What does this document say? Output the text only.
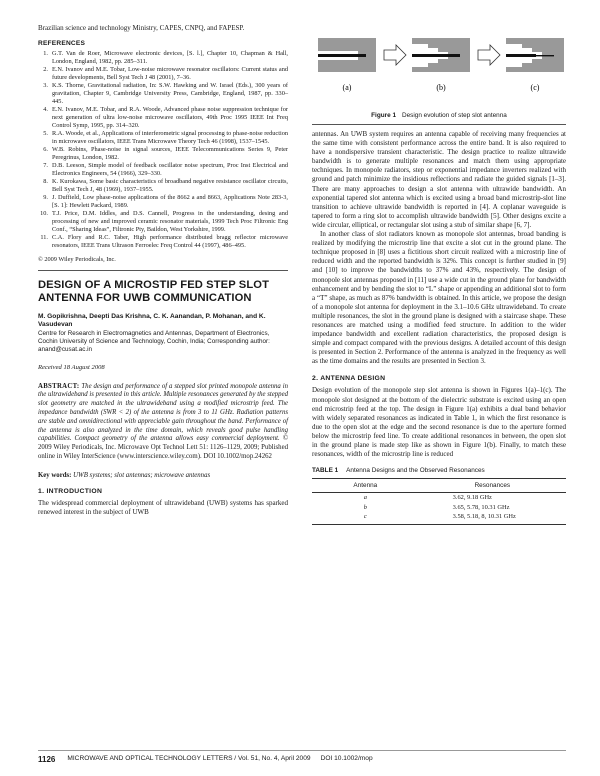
Brazilian science and technology Ministry, CAPES, CNPQ, and FAPESP.

REFERENCES
1. G.T. Van de Roer, Microwave electronic devices, [S. l.], Chapter 10, Chapman & Hall, London, England, 1982, pp. 285–311.
2. E.N. Ivanov and M.E. Tobar, Low-noise microwave resonator oscillators: Current status and future developments, Bell Syst Tech J 48 (2001), 7–36.
3. K.S. Thorne, Gravitational radiation, In: S.W. Hawking and W. Israel (Eds.), 300 years of gravitation, Chapter 9, Cambridge University Press, Cambridge, England, 1987, pp. 330–445.
4. E.N. Ivanov, M.E. Tobar, and R.A. Woode, Advanced phase noise suppression technique for next generation of ultra low-noise microwave oscillators, 49th Proc 1995 IEEE Int Freq Control Symp, 1995, pp. 314–320.
5. R.A. Woode, et al., Applications of interferometric signal processing to phase-noise reduction in microwave oscillators, IEEE Trans Microwave Theory Tech 46 (1998), 1537–1545.
6. W.B. Robins, Phase-noise in signal sources, IEEE Telecommunications Series 9, Peter Peregrinus, London, 1982.
7. D.B. Leeson, Simple model of feedback oscillator noise spectrum, Proc Inst Electrical and Electronics Engineers, 54 (1966), 329–330.
8. K. Kurokawa, Some basic characteristics of broadband negative resistance oscillator circuits, Bell Syst Tech J, 48 (1969), 1937–1955.
9. J. Duffield, Low phase-noise applications of the 8662 a and 8663, Applications Note 283-3, [S. 1]: Hewlett Packard, 1989.
10. T.J. Price, D.M. Iddles, and D.S. Cannell, Progress in the understanding, desing and processing of new and improved ceramic resonator materials, 1999 Tech Proc Filtronic Eng Conf., “Sharing Ideas”, Filtronic Pty, Baildon, West Yorkshire, 1999.
11. C.A. Flory and R.C. Taber, High performance distributed bragg reflector microwave resonators, IEEE Trans Ultrason Ferroelec Freq Control 44 (1997), 486–495.

© 2009 Wiley Periodicals, Inc.

DESIGN OF A MICROSTIP FED STEP SLOT ANTENNA FOR UWB COMMUNICATION
M. Gopikrishna, Deepti Das Krishna, C. K. Aanandan, P. Mohanan, and K. Vasudevan
Centre for Research in Electromagnetics and Antennas, Department of Electronics, Cochin University of Science and Technology, Cochin, India; Corresponding author: anand@cusat.ac.in
Received 18 August 2008

ABSTRACT: The design and performance of a stepped slot printed monopole antenna in the ultrawideband is presented in this article. Multiple resonances generated by the stepped slot geometry are matched in the ultrawideband using a modified microstrip feed. The impedance bandwidth (SWR < 2) of the antenna is from 3 to 11 GHz. Radiation patterns are stable and omnidirectional with appreciable gain throughout the band. Performance of the antenna is also analyzed in the time domain, which reveals good pulse handling capabilities. Compact geometry of the antenna allows easy commercial deployment. © 2009 Wiley Periodicals, Inc. Microwave Opt Technol Lett 51: 1126–1129, 2009; Published online in Wiley InterScience (www.interscience.wiley.com). DOI 10.1002/mop.24262

Key words: UWB systems; slot antennas; microwave antennas

1. INTRODUCTION

The widespread commercial deployment of ultrawideband (UWB) systems has sparked renewed interest in the subject of UWB

(a)	(b)	(c)
Figure 1 Design evolution of step slot antenna

antennas. An UWB system requires an antenna capable of receiving many frequencies at the same time with consistent performance across the entire band. It is also required to have a nondispersive transient characteristic. The design practice to realize ultrawide bandwidth is to generate multiple resonances and match them using appropriate techniques. In monopole radiators, step or exponential impedance inverters realized with ground and patch minimize the insidious reflections and radiate the guided signals [1–3]. There are many approaches to design a slot antenna with ultrawide bandwidth. An exponential tapered slot antenna which is excited using a broad band microstrip-slot line transition to achieve ultrawide bandwidth is reported in [4]. A coplanar waveguide is tapered to form a ring slot to accomplish ultrawide bandwidth [5]. Other designs excite a wide circular, elliptical, or rectangular slot using a stub of similar shape [6, 7].

In another class of slot radiators known as monopole slot antennas, broad banding is realized by modifying the microstrip line that excite a slot cut in the ground plane. The technique proposed in [8] uses a fictitious short circuit realized with a microstrip line of reduced width and the reported bandwidth is 32%. This concept is further studied in [9] and [10] to improve the bandwidths to 37% and 43%, respectively. The design of monopole slot antennas proposed in [11] use a wide cut in the ground plane for bandwidth enhancement and by bending the slot to “L” shape or appending an additional slot to form a “T” shape, as much as 87% bandwidth is obtained. In this article, we propose the design of a monopole slot antenna for deployment in the 3.1–10.6 GHz ultrawideband. To create multiple resonances, the slot in the ground plane is designed with a staircase shape. These resonances are matched using a modified feed structure. In addition to the wider impedance bandwidth and excellent radiation characteristics, the proposed design is simple and compact compared with the previous designs. A detailed account of this design is presented in Section 2. Performance of the antenna is analyzed in the frequency as well as the time domains and the results are presented in Section 3.

2. ANTENNA DESIGN

Design evolution of the monopole step slot antenna is shown in Figures 1(a)–1(c). The monopole slot designed at the bottom of the dielectric substrate is excited using an open end microstrip feed at the top. The design in Figure 1(a) exhibits a dual band behavior with widely separated resonances as indicated in Table 1, in which the first resonance is due to the open slot at the edge and the second resonance is due to the aperture formed below the microstrip feed line. To create additional resonances in between, the open slot in the ground plane is made step like as shown in Figure 1(b). Finally, to match these resonances, width of the microstrip line is reduced

TABLE 1 Antenna Designs and the Observed Resonances
Antenna	Resonances
a	3.62, 9.18 GHz
b	3.65, 5.78, 10.31 GHz
c	3.58, 5.18, 8, 10.31 GHz
1126 MICROWAVE AND OPTICAL TECHNOLOGY LETTERS / Vol. 51, No. 4, April 2009 DOI 10.1002/mop
